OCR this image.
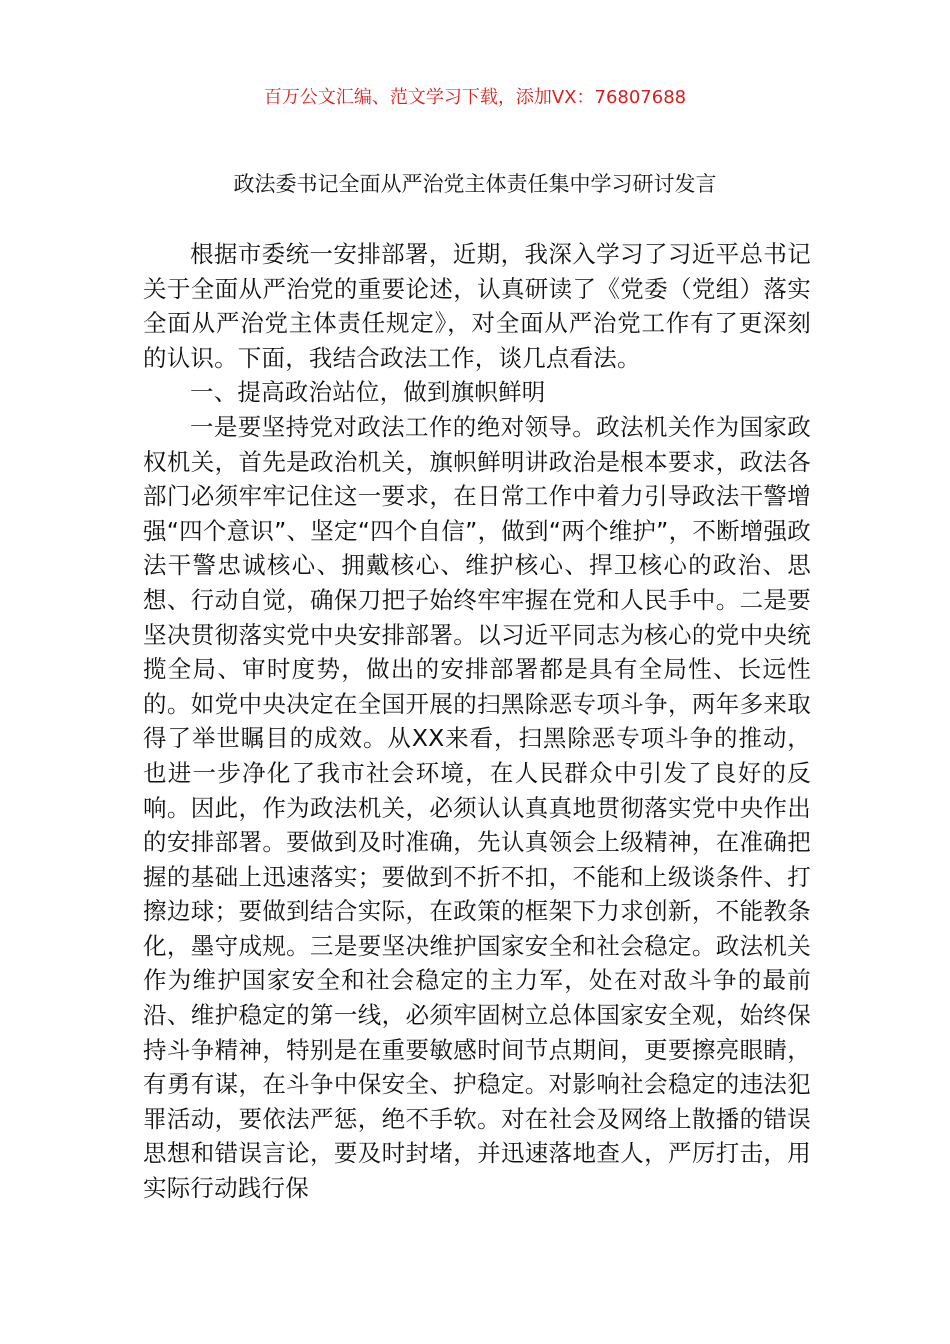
百万公文汇编、范文学习下载，添加VX：76807688
政法委书记全面从严治党主体责任集中学习研讨发言

根据市委统一安排部署，近期，我深入学习了习近平总书记关于全面从严治党的重要论述，认真研读了《党委（党组）落实全面从严治党主体责任规定》，对全面从严治党工作有了更深刻的认识。下面，我结合政法工作，谈几点看法。

一、提高政治站位，做到旗帜鲜明

一是要坚持党对政法工作的绝对领导。政法机关作为国家政权机关，首先是政治机关，旗帜鲜明讲政治是根本要求，政法各部门必须牢牢记住这一要求，在日常工作中着力引导政法干警增强“四个意识”、坚定“四个自信”，做到“两个维护”，不断增强政法干警忠诚核心、拥戴核心、维护核心、捍卫核心的政治、思想、行动自觉，确保刀把子始终牢牢握在党和人民手中。二是要坚决贯彻落实党中央安排部署。以习近平同志为核心的党中央统揽全局、审时度势，做出的安排部署都是具有全局性、长远性的。如党中央决定在全国开展的扫黑除恶专项斗争，两年多来取得了举世瞩目的成效。从XX来看，扫黑除恶专项斗争的推动，也进一步净化了我市社会环境，在人民群众中引发了良好的反响。因此，作为政法机关，必须认认真真地贯彻落实党中央作出的安排部署。要做到及时准确，先认真领会上级精神，在准确把握的基础上迅速落实；要做到不折不扣，不能和上级谈条件、打擦边球；要做到结合实际，在政策的框架下力求创新，不能教条化，墨守成规。三是要坚决维护国家安全和社会稳定。政法机关作为维护国家安全和社会稳定的主力军，处在对敌斗争的最前沿、维护稳定的第一线，必须牢固树立总体国家安全观，始终保持斗争精神，特别是在重要敏感时间节点期间，更要擦亮眼睛，有勇有谋，在斗争中保安全、护稳定。对影响社会稳定的违法犯罪活动，要依法严惩，绝不手软。对在社会及网络上散播的错误思想和错误言论，要及时封堵，并迅速落地查人，严厉打击，用实际行动践行保
